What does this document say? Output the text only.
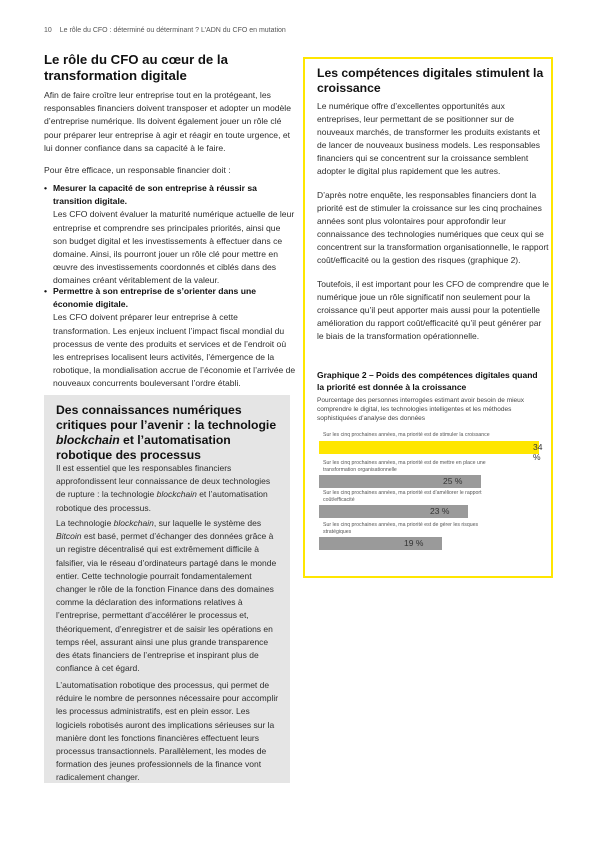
10 Le rôle du CFO : déterminé ou déterminant ? L’ADN du CFO en mutation
Le rôle du CFO au cœur de la transformation digitale

Afin de faire croître leur entreprise tout en la protégeant, les responsables financiers doivent transposer et adopter un modèle d’entreprise numérique. Ils doivent également jouer un rôle clé pour préparer leur entreprise à agir et réagir en toute urgence, et lui donner confiance dans sa capacité à le faire.

Pour être efficace, un responsable financier doit :

• Mesurer la capacité de son entreprise à réussir sa transition digitale.
Les CFO doivent évaluer la maturité numérique actuelle de leur entreprise et comprendre ses principales priorités, ainsi que son budget digital et les investissements à effectuer dans ce domaine. Ainsi, ils pourront jouer un rôle clé pour mettre en œuvre des investissements coordonnés et ciblés dans des domaines créant véritablement de la valeur.
• Permettre à son entreprise de s’orienter dans une économie digitale.
Les CFO doivent préparer leur entreprise à cette transformation. Les enjeux incluent l’impact fiscal mondial du processus de vente des produits et services et de l’endroit où les entreprises localisent leurs activités, l’émergence de la robotique, la mondialisation accrue de l’économie et l’arrivée de nouveaux concurrents bouleversant l’ordre établi.
Des connaissances numériques critiques pour l’avenir : la technologie blockchain et l’automatisation robotique des processus

Il est essentiel que les responsables financiers approfondissent leur connaissance de deux technologies de rupture : la technologie blockchain et l’automatisation robotique des processus.

La technologie blockchain, sur laquelle le système des Bitcoin est basé, permet d’échanger des données grâce à un registre décentralisé qui est extrêmement difficile à falsifier, via le réseau d’ordinateurs partagé dans le monde entier. Cette technologie pourrait fondamentalement changer le rôle de la fonction Finance dans des domaines comme la déclaration des informations relatives à l’entreprise, permettant d’accélérer le processus et, théoriquement, d’enregistrer et de saisir les opérations en temps réel, assurant ainsi une plus grande transparence des états financiers de l’entreprise et inspirant plus de confiance à cet égard.

L’automatisation robotique des processus, qui permet de réduire le nombre de personnes nécessaire pour accomplir les processus administratifs, est en plein essor. Les logiciels robotisés auront des implications sérieuses sur la manière dont les fonctions financières effectuent leurs processus transactionnels. Parallèlement, les modes de formation des jeunes professionnels de la finance vont radicalement changer.

Les compétences digitales stimulent la croissance

Le numérique offre d’excellentes opportunités aux entreprises, leur permettant de se positionner sur de nouveaux marchés, de transformer les produits existants et de lancer de nouveaux business models. Les responsables financiers qui se concentrent sur la croissance semblent adopter le digital plus rapidement que les autres.

D’après notre enquête, les responsables financiers dont la priorité est de stimuler la croissance sur les cinq prochaines années sont plus volontaires pour approfondir leur connaissance des technologies numériques que ceux qui se concentrent sur la transformation organisationnelle, le rapport coût/efficacité ou la gestion des risques (graphique 2).

Toutefois, il est important pour les CFO de comprendre que le numérique joue un rôle significatif non seulement pour la croissance qu’il peut apporter mais aussi pour la potentielle amélioration du rapport coût/efficacité qu’il peut générer par le biais de la transformation opérationnelle.

Graphique 2 – Poids des compétences digitales quand la priorité est donnée à la croissance

Pourcentage des personnes interrogées estimant avoir besoin de mieux comprendre le digital, les technologies intelligentes et les méthodes sophistiquées d’analyse des données

Sur les cinq prochaines années, ma priorité est de stimuler la croissance
34 %
Sur les cinq prochaines années, ma priorité est de mettre en place une transformation organisationnelle
25 %
Sur les cinq prochaines années, ma priorité est d’améliorer le rapport coût/efficacité
23 %
Sur les cinq prochaines années, ma priorité est de gérer les risques stratégiques
19 %
